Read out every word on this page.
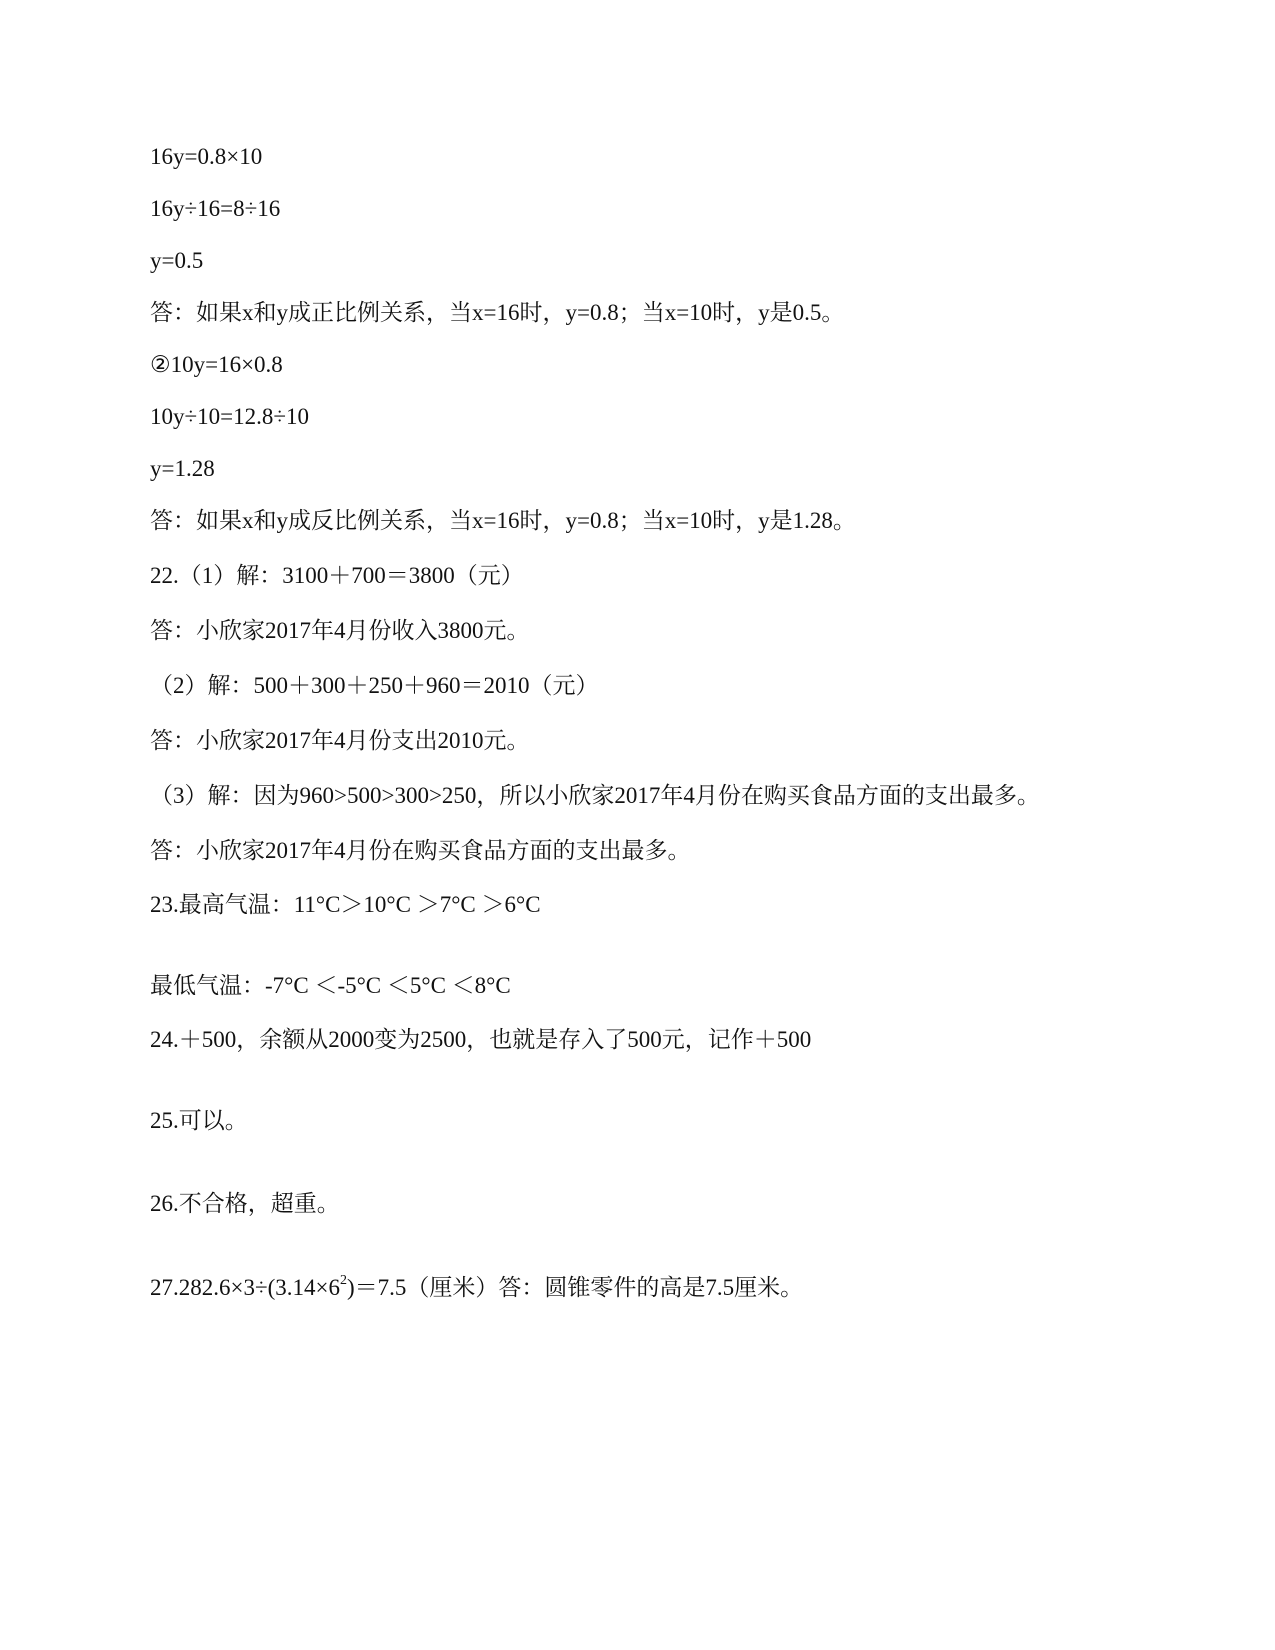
16y=0.8×10

16y÷16=8÷16

y=0.5

答：如果x和y成正比例关系，当x=16时，y=0.8；当x=10时，y是0.5。

②10y=16×0.8

10y÷10=12.8÷10

y=1.28

答：如果x和y成反比例关系，当x=16时，y=0.8；当x=10时，y是1.28。

22.（1）解：3100＋700＝3800（元）

答：小欣家2017年4月份收入3800元。

（2）解：500＋300＋250＋960＝2010（元）

答：小欣家2017年4月份支出2010元。

（3）解：因为960>500>300>250，所以小欣家2017年4月份在购买食品方面的支出最多。

答：小欣家2017年4月份在购买食品方面的支出最多。

23.最高气温：11°C＞10°C ＞7°C ＞6°C

最低气温：-7°C ＜-5°C ＜5°C ＜8°C

24.＋500，余额从2000变为2500，也就是存入了500元，记作＋500

25.可以。

26.不合格，超重。

$27.282.6\times 3\div(3.14\times 6^2)=7.5$（厘米）答：圆锥零件的高是7.5厘米。
